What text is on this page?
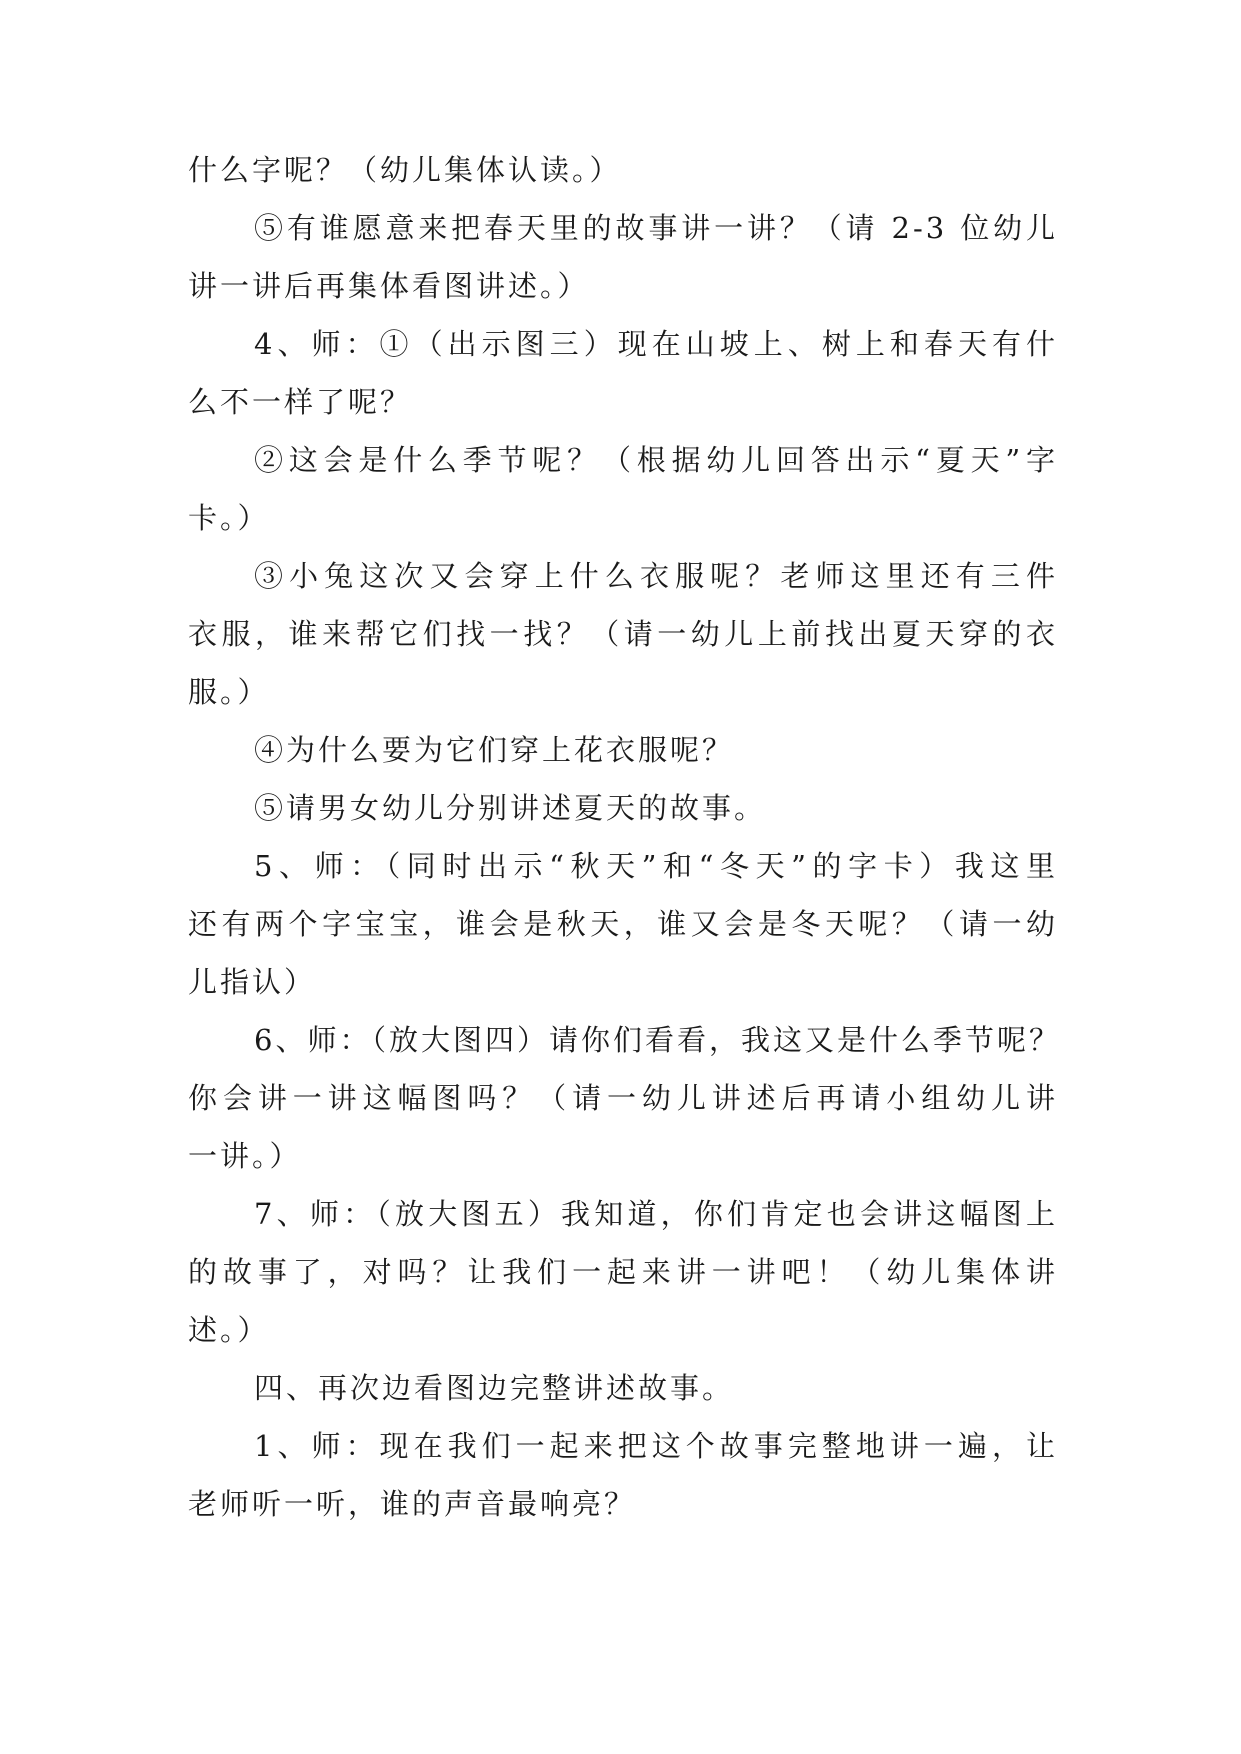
什么字呢？（幼儿集体认读。）
⑤有谁愿意来把春天里的故事讲一讲？（请 2-3 位幼儿
讲一讲后再集体看图讲述。）
4、师：①（出示图三）现在山坡上、树上和春天有什
么不一样了呢？
②这会是什么季节呢？（根据幼儿回答出示“夏天”字
卡。）
③小兔这次又会穿上什么衣服呢？老师这里还有三件
衣服，谁来帮它们找一找？（请一幼儿上前找出夏天穿的衣
服。）
④为什么要为它们穿上花衣服呢？
⑤请男女幼儿分别讲述夏天的故事。
5、师：（同时出示“秋天”和“冬天”的字卡）我这里
还有两个字宝宝，谁会是秋天，谁又会是冬天呢？（请一幼
儿指认）
6、师：（放大图四）请你们看看，我这又是什么季节呢？
你会讲一讲这幅图吗？（请一幼儿讲述后再请小组幼儿讲
一讲。）
7、师：（放大图五）我知道，你们肯定也会讲这幅图上
的故事了，对吗？让我们一起来讲一讲吧！（幼儿集体讲
述。）
四、再次边看图边完整讲述故事。
1、师：现在我们一起来把这个故事完整地讲一遍，让
老师听一听，谁的声音最响亮？
